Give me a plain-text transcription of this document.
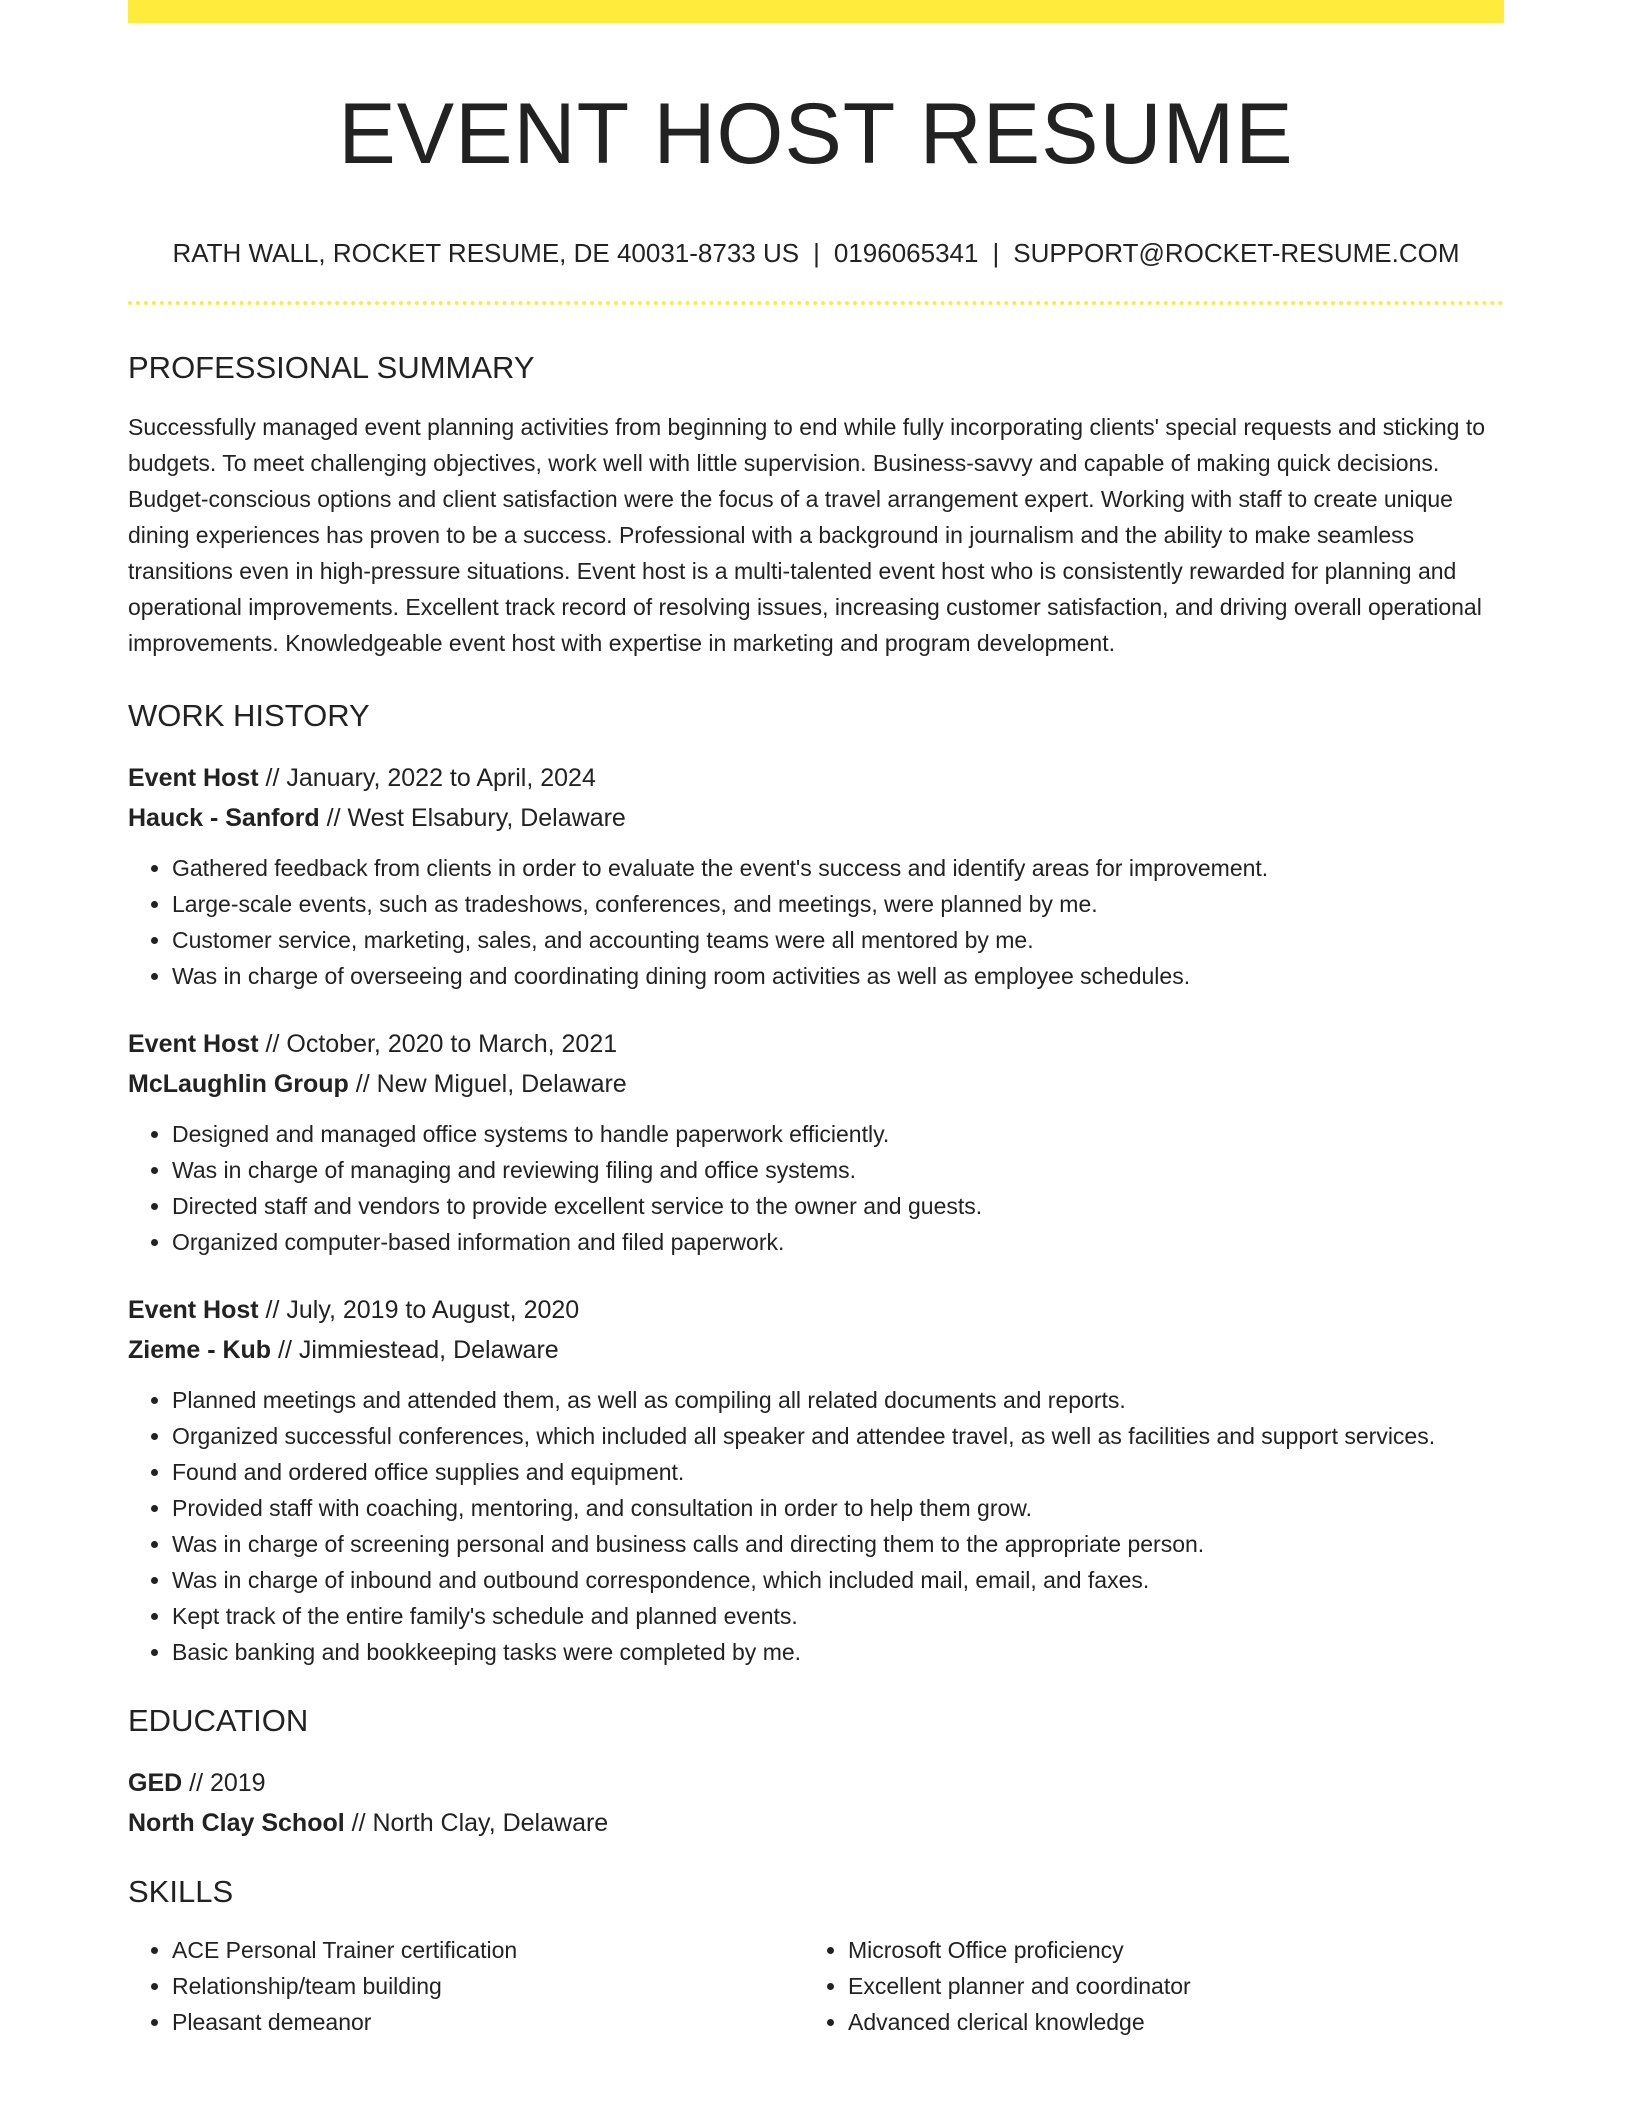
EVENT HOST RESUME
RATH WALL, ROCKET RESUME, DE 40031-8733 US | 0196065341 | SUPPORT@ROCKET-RESUME.COM
PROFESSIONAL SUMMARY
Successfully managed event planning activities from beginning to end while fully incorporating clients' special requests and sticking to budgets. To meet challenging objectives, work well with little supervision. Business-savvy and capable of making quick decisions. Budget-conscious options and client satisfaction were the focus of a travel arrangement expert. Working with staff to create unique dining experiences has proven to be a success. Professional with a background in journalism and the ability to make seamless transitions even in high-pressure situations. Event host is a multi-talented event host who is consistently rewarded for planning and operational improvements. Excellent track record of resolving issues, increasing customer satisfaction, and driving overall operational improvements. Knowledgeable event host with expertise in marketing and program development.
WORK HISTORY
Event Host // January, 2022 to April, 2024
Hauck - Sanford // West Elsabury, Delaware
• Gathered feedback from clients in order to evaluate the event's success and identify areas for improvement.
• Large-scale events, such as tradeshows, conferences, and meetings, were planned by me.
• Customer service, marketing, sales, and accounting teams were all mentored by me.
• Was in charge of overseeing and coordinating dining room activities as well as employee schedules.
Event Host // October, 2020 to March, 2021
McLaughlin Group // New Miguel, Delaware
• Designed and managed office systems to handle paperwork efficiently.
• Was in charge of managing and reviewing filing and office systems.
• Directed staff and vendors to provide excellent service to the owner and guests.
• Organized computer-based information and filed paperwork.
Event Host // July, 2019 to August, 2020
Zieme - Kub // Jimmiestead, Delaware
• Planned meetings and attended them, as well as compiling all related documents and reports.
• Organized successful conferences, which included all speaker and attendee travel, as well as facilities and support services.
• Found and ordered office supplies and equipment.
• Provided staff with coaching, mentoring, and consultation in order to help them grow.
• Was in charge of screening personal and business calls and directing them to the appropriate person.
• Was in charge of inbound and outbound correspondence, which included mail, email, and faxes.
• Kept track of the entire family's schedule and planned events.
• Basic banking and bookkeeping tasks were completed by me.
EDUCATION
GED // 2019
North Clay School // North Clay, Delaware
SKILLS
• ACE Personal Trainer certification
• Relationship/team building
• Pleasant demeanor
• Microsoft Office proficiency
• Excellent planner and coordinator
• Advanced clerical knowledge
